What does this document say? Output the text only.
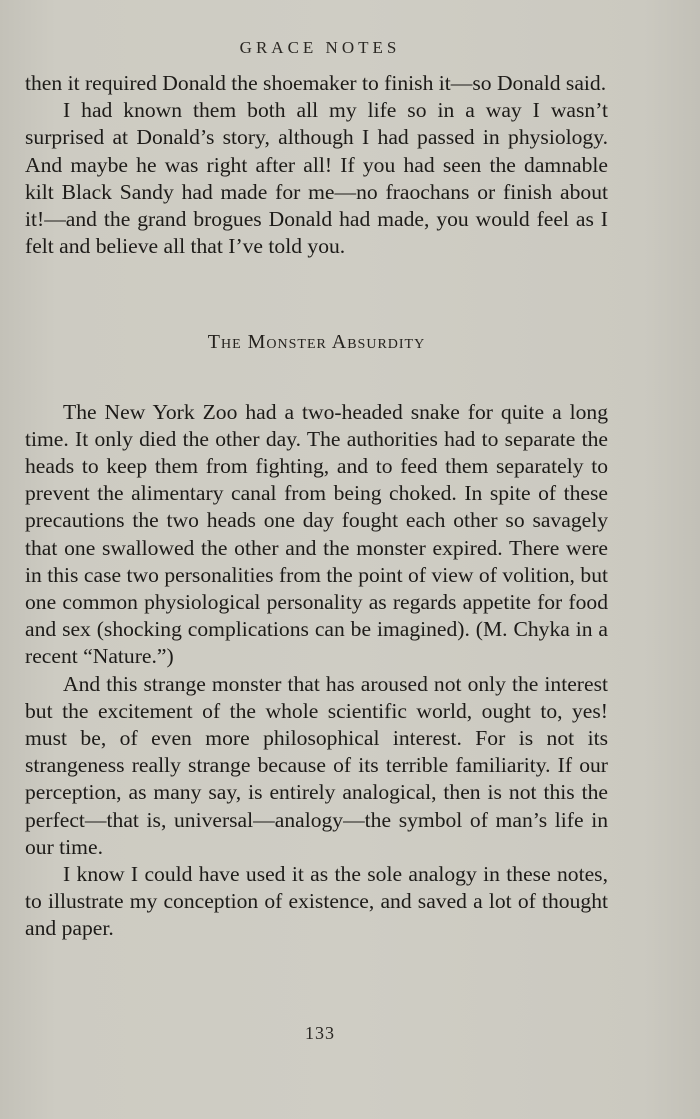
GRACE NOTES

then it required Donald the shoemaker to finish it—so Donald said.

I had known them both all my life so in a way I wasn’t surprised at Donald’s story, although I had passed in physiology. And maybe he was right after all! If you had seen the damnable kilt Black Sandy had made for me—no fraochans or finish about it!—and the grand brogues Donald had made, you would feel as I felt and believe all that I’ve told you.

The Monster Absurdity

The New York Zoo had a two-headed snake for quite a long time. It only died the other day. The authorities had to separate the heads to keep them from fighting, and to feed them separately to prevent the alimentary canal from being choked. In spite of these precautions the two heads one day fought each other so savagely that one swallowed the other and the monster expired. There were in this case two personalities from the point of view of volition, but one common physiological personality as regards appetite for food and sex (shocking complications can be imagined). (M. Chyka in a recent “Nature.”)

And this strange monster that has aroused not only the interest but the excitement of the whole scientific world, ought to, yes! must be, of even more philosophical interest. For is not its strangeness really strange because of its terrible familiarity. If our perception, as many say, is entirely analogical, then is not this the perfect—that is, universal—analogy—the symbol of man’s life in our time.

I know I could have used it as the sole analogy in these notes, to illustrate my conception of existence, and saved a lot of thought and paper.

133
